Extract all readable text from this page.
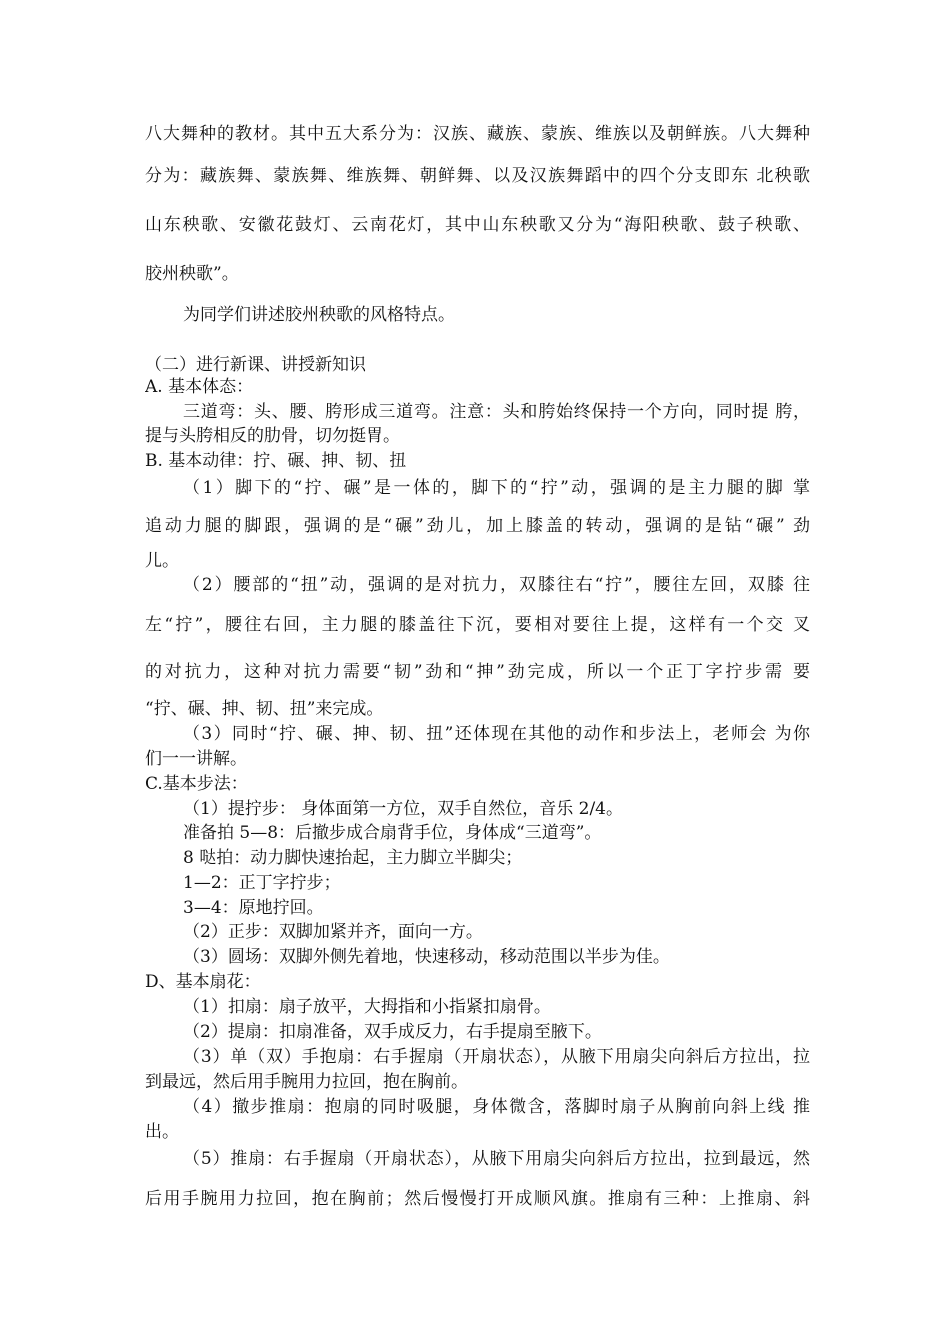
八大舞种的教材。其中五大系分为：汉族、藏族、蒙族、维族以及朝鲜族。八大舞种
分为：藏族舞、蒙族舞、维族舞、朝鲜舞、以及汉族舞蹈中的四个分支即东 北秧歌
山东秧歌、安徽花鼓灯、云南花灯，其中山东秧歌又分为“海阳秧歌、鼓子秧歌、
胶州秧歌”。
为同学们讲述胶州秧歌的风格特点。
（二）进行新课、讲授新知识
A. 基本体态：
三道弯：头、腰、胯形成三道弯。注意：头和胯始终保持一个方向，同时提 胯，
提与头胯相反的肋骨，切勿挺胃。
B. 基本动律：拧、碾、抻、韧、扭
（1）脚下的“拧、碾”是一体的，脚下的“拧”动，强调的是主力腿的脚 掌
追动力腿的脚跟，强调的是“碾”劲儿，加上膝盖的转动，强调的是钻“碾” 劲
儿。
（2）腰部的“扭”动，强调的是对抗力，双膝往右“拧”，腰往左回，双膝 往
左“拧”，腰往右回，主力腿的膝盖往下沉，要相对要往上提，这样有一个交 叉
的对抗力，这种对抗力需要“韧”劲和“抻”劲完成，所以一个正丁字拧步需 要
“拧、碾、抻、韧、扭”来完成。
（3）同时“拧、碾、抻、韧、扭”还体现在其他的动作和步法上，老师会 为你
们一一讲解。
C.基本步法：
（1）提拧步： 身体面第一方位，双手自然位，音乐 2/4。
准备拍 5—8：后撤步成合扇背手位，身体成“三道弯”。
8 哒拍：动力脚快速抬起，主力脚立半脚尖；
1—2：正丁字拧步；
3—4：原地拧回。
（2）正步：双脚加紧并齐，面向一方。
（3）圆场：双脚外侧先着地，快速移动，移动范围以半步为佳。
D、基本扇花：
（1）扣扇：扇子放平，大拇指和小指紧扣扇骨。
（2）提扇：扣扇准备，双手成反力，右手提扇至腋下。
（3）单（双）手抱扇：右手握扇（开扇状态），从腋下用扇尖向斜后方拉出，拉
到最远，然后用手腕用力拉回，抱在胸前。
（4）撤步推扇：抱扇的同时吸腿，身体微含，落脚时扇子从胸前向斜上线 推
出。
（5）推扇：右手握扇（开扇状态），从腋下用扇尖向斜后方拉出，拉到最远，然
后用手腕用力拉回，抱在胸前；然后慢慢打开成顺风旗。推扇有三种：上推扇、斜
